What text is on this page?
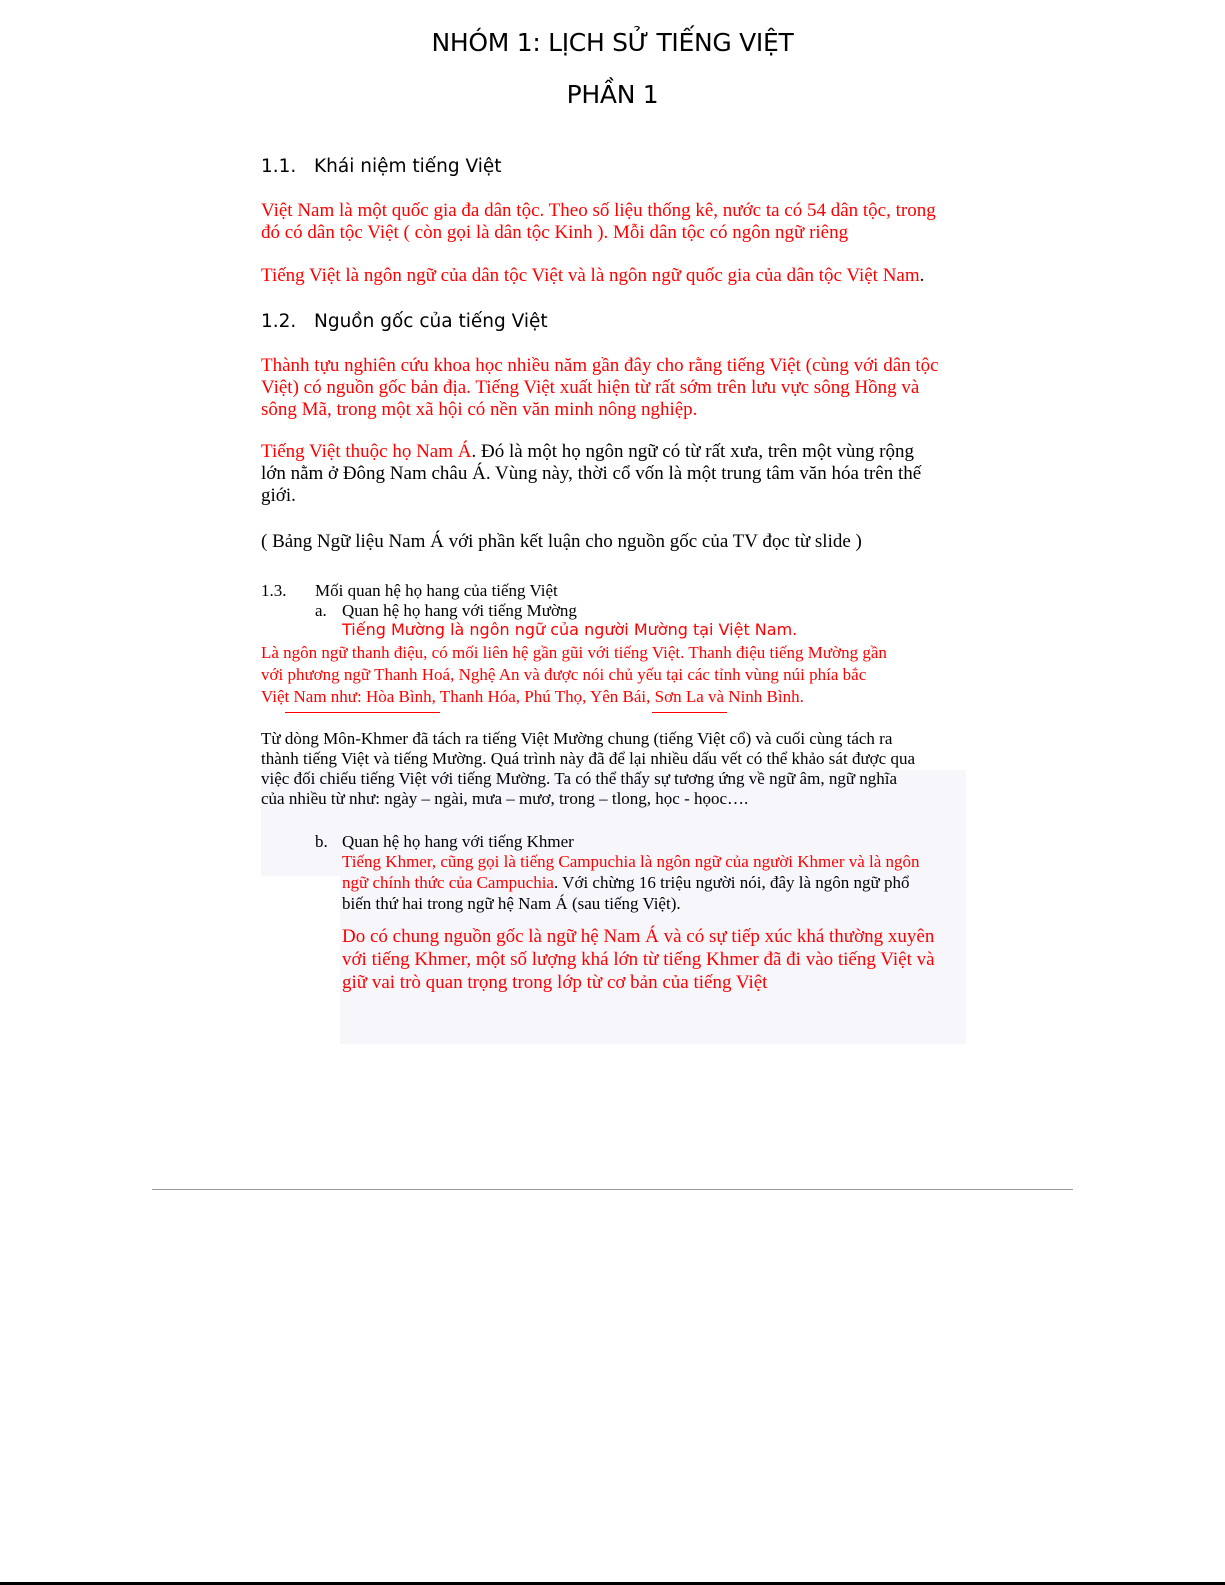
NHÓM 1: LỊCH SỬ TIẾNG VIỆT
PHẦN 1
1.1. Khái niệm tiếng Việt
Việt Nam là một quốc gia đa dân tộc. Theo số liệu thống kê, nước ta có 54 dân tộc, trong
đó có dân tộc Việt ( còn gọi là dân tộc Kinh ). Mỗi dân tộc có ngôn ngữ riêng
Tiếng Việt là ngôn ngữ của dân tộc Việt và là ngôn ngữ quốc gia của dân tộc Việt Nam.
1.2. Nguồn gốc của tiếng Việt
Thành tựu nghiên cứu khoa học nhiều năm gần đây cho rằng tiếng Việt (cùng với dân tộc
Việt) có nguồn gốc bản địa. Tiếng Việt xuất hiện từ rất sớm trên lưu vực sông Hồng và
sông Mã, trong một xã hội có nền văn minh nông nghiệp.
Tiếng Việt thuộc họ Nam Á. Đó là một họ ngôn ngữ có từ rất xưa, trên một vùng rộng
lớn nằm ở Đông Nam châu Á. Vùng này, thời cổ vốn là một trung tâm văn hóa trên thế
giới.
( Bảng Ngữ liệu Nam Á với phần kết luận cho nguồn gốc của TV đọc từ slide )
1.3. Mối quan hệ họ hang của tiếng Việt
a. Quan hệ họ hang với tiếng Mường
Tiếng Mường là ngôn ngữ của người Mường tại Việt Nam.
Là ngôn ngữ thanh điệu, có mối liên hệ gần gũi với tiếng Việt. Thanh điệu tiếng Mường gần
với phương ngữ Thanh Hoá, Nghệ An và được nói chủ yếu tại các tỉnh vùng núi phía bắc
Việt Nam như: Hòa Bình, Thanh Hóa, Phú Thọ, Yên Bái, Sơn La và Ninh Bình.
Từ dòng Môn-Khmer đã tách ra tiếng Việt Mường chung (tiếng Việt cổ) và cuối cùng tách ra
thành tiếng Việt và tiếng Mường. Quá trình này đã để lại nhiều dấu vết có thể khảo sát được qua
việc đối chiếu tiếng Việt với tiếng Mường. Ta có thể thấy sự tương ứng về ngữ âm, ngữ nghĩa
của nhiều từ như: ngày – ngài, mưa – mươ, trong – tlong, học - họoc….
b. Quan hệ họ hang với tiếng Khmer
Tiếng Khmer, cũng gọi là tiếng Campuchia là ngôn ngữ của người Khmer và là ngôn
ngữ chính thức của Campuchia. Với chừng 16 triệu người nói, đây là ngôn ngữ phổ
biến thứ hai trong ngữ hệ Nam Á (sau tiếng Việt).
Do có chung nguồn gốc là ngữ hệ Nam Á và có sự tiếp xúc khá thường xuyên
với tiếng Khmer, một số lượng khá lớn từ tiếng Khmer đã đi vào tiếng Việt và
giữ vai trò quan trọng trong lớp từ cơ bản của tiếng Việt
